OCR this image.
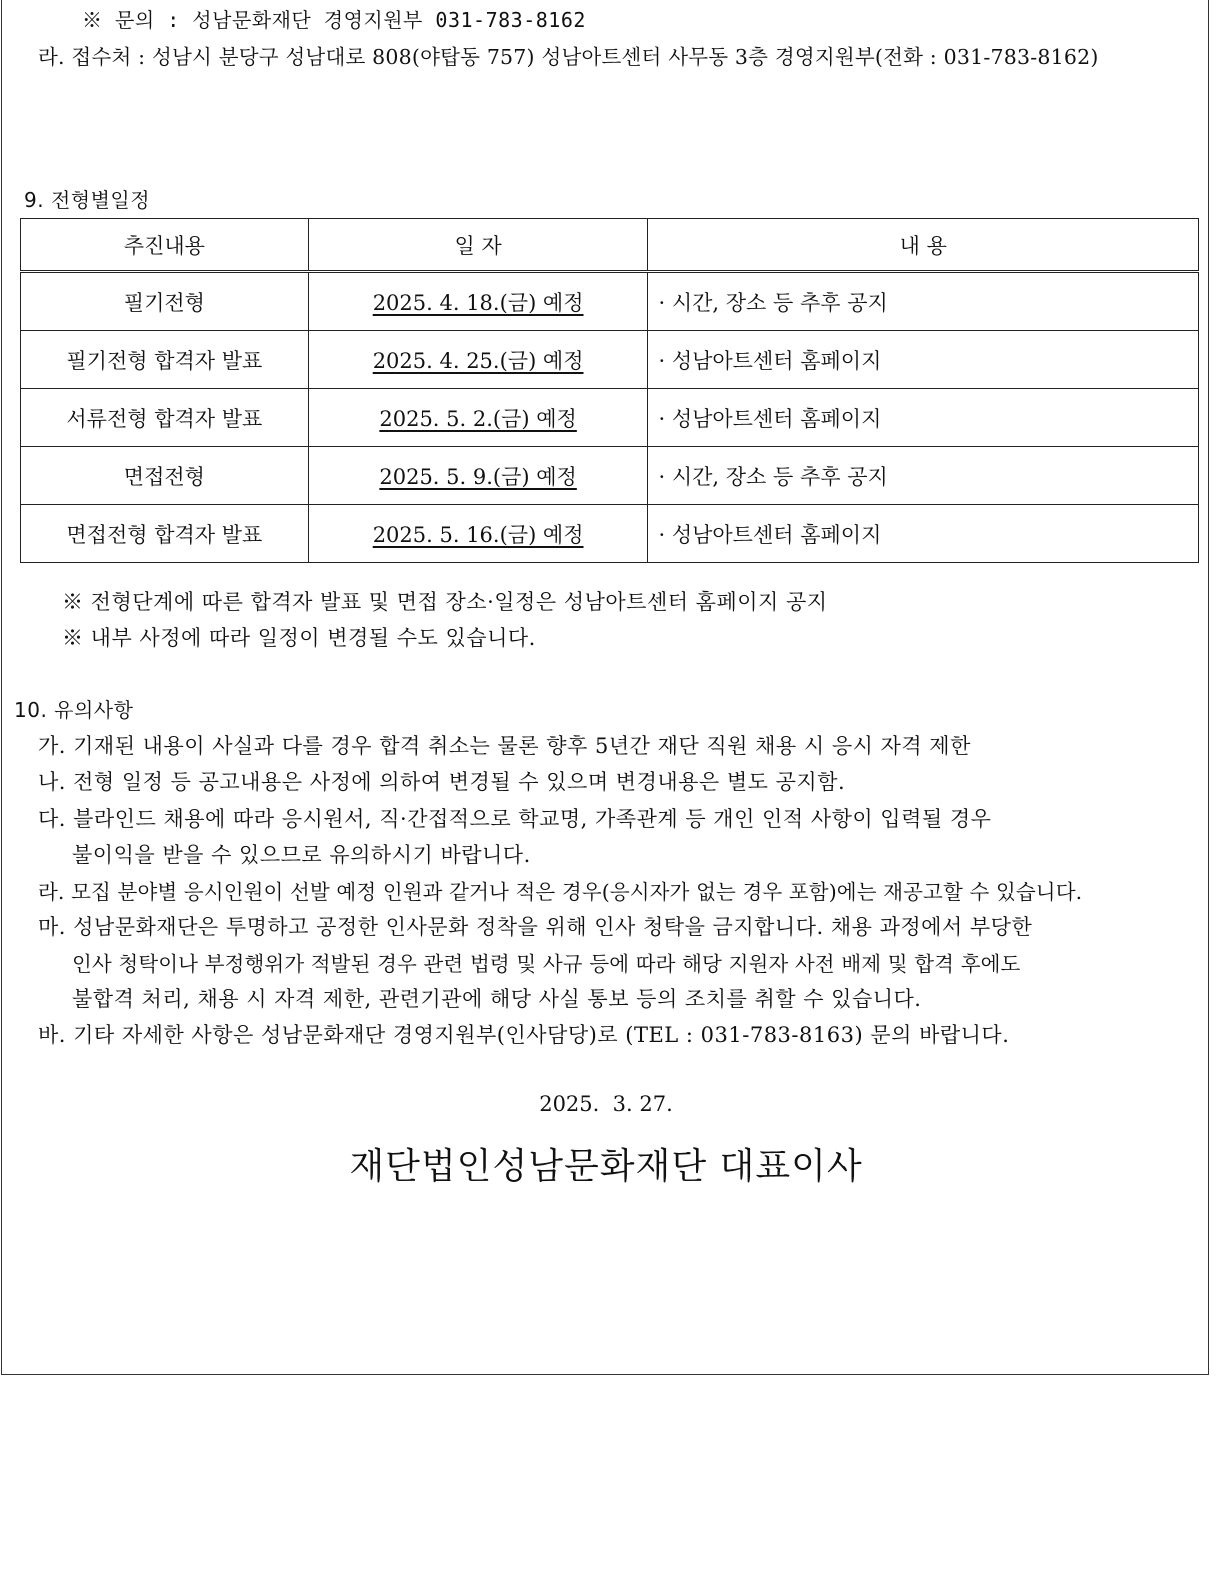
※ 문의 : 성남문화재단 경영지원부 031-783-8162
라. 접수처 : 성남시 분당구 성남대로 808(야탑동 757) 성남아트센터 사무동 3층 경영지원부(전화 : 031-783-8162)
9. 전형별일정
추진내용	일 자	내 용
필기전형	2025. 4. 18.(금) 예정	· 시간, 장소 등 추후 공지
필기전형 합격자 발표	2025. 4. 25.(금) 예정	· 성남아트센터 홈페이지
서류전형 합격자 발표	2025. 5. 2.(금) 예정	· 성남아트센터 홈페이지
면접전형	2025. 5. 9.(금) 예정	· 시간, 장소 등 추후 공지
면접전형 합격자 발표	2025. 5. 16.(금) 예정	· 성남아트센터 홈페이지
※ 전형단계에 따른 합격자 발표 및 면접 장소·일정은 성남아트센터 홈페이지 공지
※ 내부 사정에 따라 일정이 변경될 수도 있습니다.
10. 유의사항
가. 기재된 내용이 사실과 다를 경우 합격 취소는 물론 향후 5년간 재단 직원 채용 시 응시 자격 제한
나. 전형 일정 등 공고내용은 사정에 의하여 변경될 수 있으며 변경내용은 별도 공지함.
다. 블라인드 채용에 따라 응시원서, 직·간접적으로 학교명, 가족관계 등 개인 인적 사항이 입력될 경우
불이익을 받을 수 있으므로 유의하시기 바랍니다.
라. 모집 분야별 응시인원이 선발 예정 인원과 같거나 적은 경우(응시자가 없는 경우 포함)에는 재공고할 수 있습니다.
마. 성남문화재단은 투명하고 공정한 인사문화 정착을 위해 인사 청탁을 금지합니다. 채용 과정에서 부당한
인사 청탁이나 부정행위가 적발된 경우 관련 법령 및 사규 등에 따라 해당 지원자 사전 배제 및 합격 후에도
불합격 처리, 채용 시 자격 제한, 관련기관에 해당 사실 통보 등의 조치를 취할 수 있습니다.
바. 기타 자세한 사항은 성남문화재단 경영지원부(인사담당)로 (TEL : 031-783-8163) 문의 바랍니다.
2025.  3. 27.
재단법인성남문화재단 대표이사
